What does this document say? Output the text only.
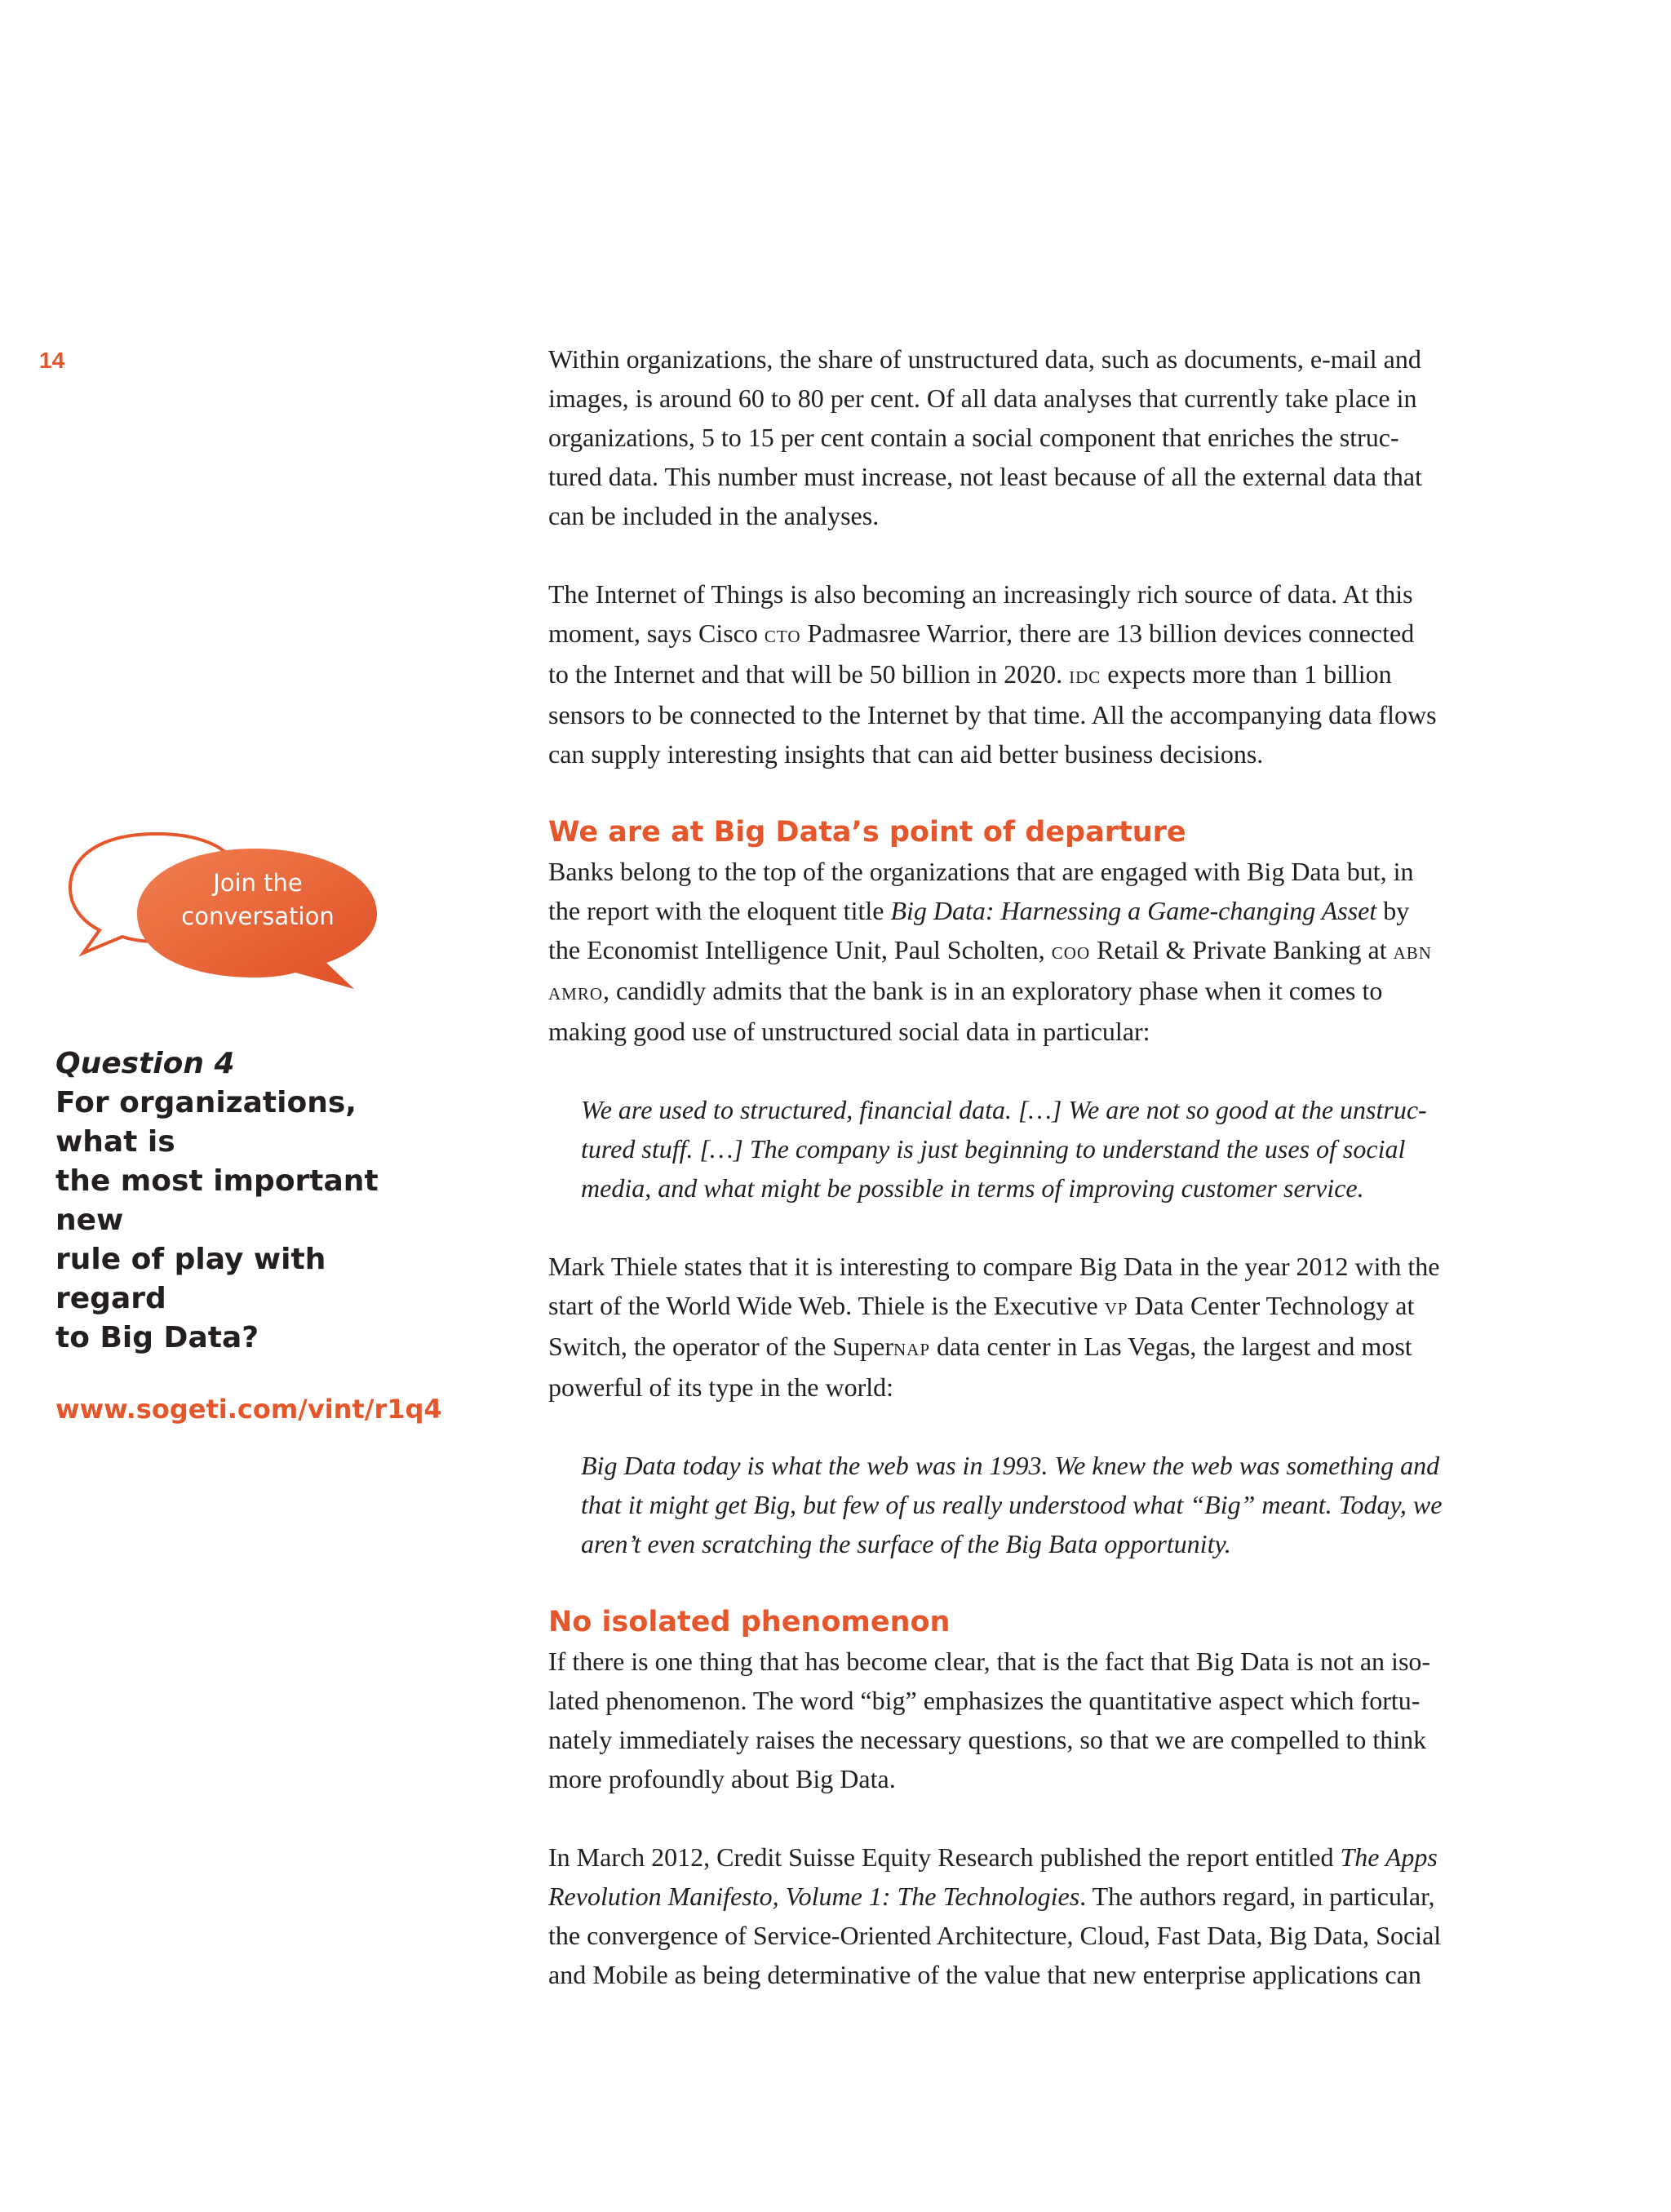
14
Join the
conversation
Question 4

For organizations, what is

the most important new

rule of play with regard

to Big Data?

www.sogeti.com/vint/r1q4

Within organizations, the share of unstructured data, such as documents, e-mail and

images, is around 60 to 80 per cent. Of all data analyses that currently take place in

organizations, 5 to 15 per cent contain a social component that enriches the struc-

tured data. This number must increase, not least because of all the external data that

can be included in the analyses.

The Internet of Things is also becoming an increasingly rich source of data. At this

moment, says Cisco cto Padmasree Warrior, there are 13 billion devices connected

to the Internet and that will be 50 billion in 2020. idc expects more than 1 billion

sensors to be connected to the Internet by that time. All the accompanying data flows

can supply interesting insights that can aid better business decisions.

We are at Big Data’s point of departure

Banks belong to the top of the organizations that are engaged with Big Data but, in

the report with the eloquent title Big Data: Harnessing a Game-changing Asset by

the Economist Intelligence Unit, Paul Scholten, coo Retail & Private Banking at abn

amro, candidly admits that the bank is in an exploratory phase when it comes to

making good use of unstructured social data in particular:

We are used to structured, financial data. […] We are not so good at the unstruc-

tured stuff. […] The company is just beginning to understand the uses of social

media, and what might be possible in terms of improving customer service.

Mark Thiele states that it is interesting to compare Big Data in the year 2012 with the

start of the World Wide Web. Thiele is the Executive vp Data Center Technology at

Switch, the operator of the Supernap data center in Las Vegas, the largest and most

powerful of its type in the world:

Big Data today is what the web was in 1993. We knew the web was something and

that it might get Big, but few of us really understood what “Big” meant. Today, we

aren’t even scratching the surface of the Big Bata opportunity.

No isolated phenomenon

If there is one thing that has become clear, that is the fact that Big Data is not an iso-

lated phenomenon. The word “big” emphasizes the quantitative aspect which fortu-

nately immediately raises the necessary questions, so that we are compelled to think

more profoundly about Big Data.

In March 2012, Credit Suisse Equity Research published the report entitled The Apps

Revolution Manifesto, Volume 1: The Technologies. The authors regard, in particular,

the convergence of Service-Oriented Architecture, Cloud, Fast Data, Big Data, Social

and Mobile as being determinative of the value that new enterprise applications can
